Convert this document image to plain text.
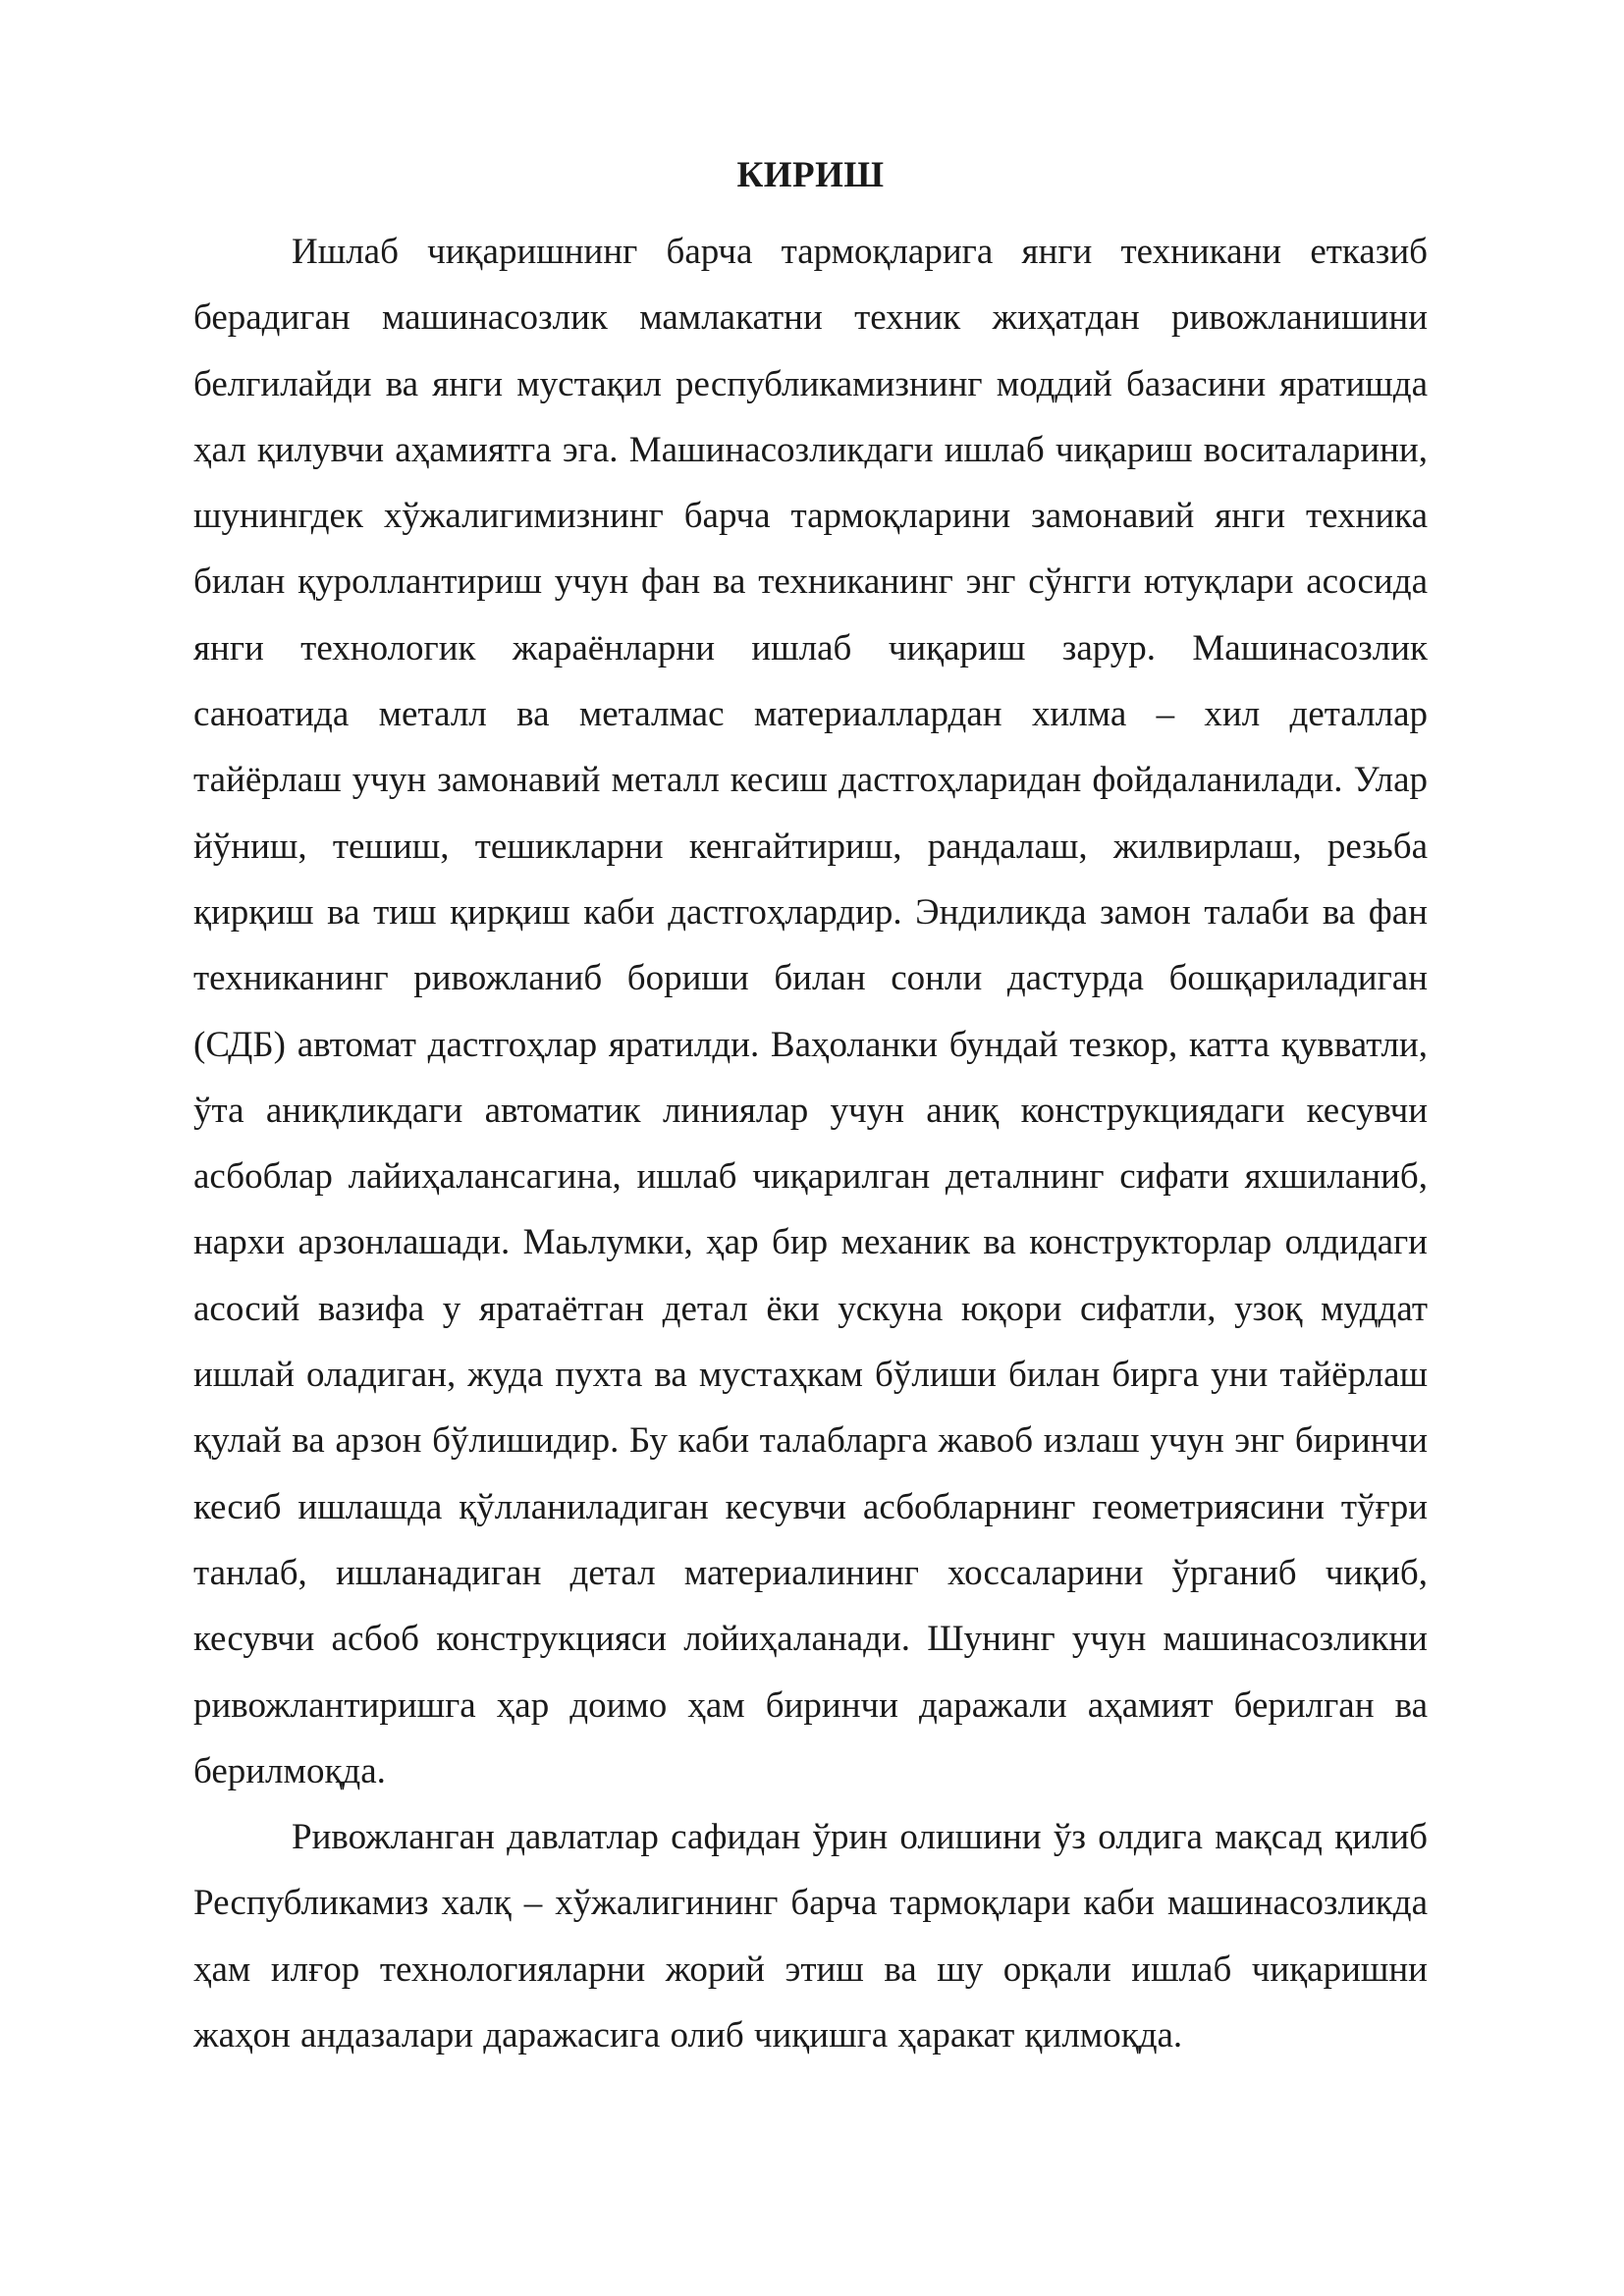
КИРИШ

Ишлаб чиқаришнинг барча тармоқларига янги техникани етказиб берадиган машинасозлик мамлакатни техник жиҳатдан ривожланишини белгилайди ва янги мустақил республикамизнинг моддий базасини яратишда ҳал қилувчи аҳамиятга эга. Машинасозликдаги ишлаб чиқариш воситаларини, шунингдек хўжалигимизнинг барча тармоқларини замонавий янги техника билан қуроллантириш учун фан ва техниканинг энг сўнгги ютуқлари асосида янги технологик жараёнларни ишлаб чиқариш зарур. Машинасозлик саноатида металл ва металмас материаллардан хилма – хил деталлар тайёрлаш учун замонавий металл кесиш дастгоҳларидан фойдаланилади. Улар йўниш, тешиш, тешикларни кенгайтириш, рандалаш, жилвирлаш, резьба қирқиш ва тиш қирқиш каби дастгоҳлардир. Эндиликда замон талаби ва фан техниканинг ривожланиб бориши билан сонли дастурда бошқариладиган (СДБ) автомат дастгоҳлар яратилди. Ваҳоланки бундай тезкор, катта қувватли, ўта аниқликдаги автоматик линиялар учун аниқ конструкциядаги кесувчи асбоблар лайиҳалансагина, ишлаб чиқарилган деталнинг сифати яхшиланиб, нархи арзонлашади. Маьлумки, ҳар бир механик ва конструкторлар олдидаги асосий вазифа у яратаётган детал ёки ускуна юқори сифатли, узоқ муддат ишлай оладиган, жуда пухта ва мустаҳкам бўлиши билан бирга уни тайёрлаш қулай ва арзон бўлишидир. Бу каби талабларга жавоб излаш учун энг биринчи кесиб ишлашда қўлланиладиган кесувчи асбобларнинг геометриясини тўғри танлаб, ишланадиган детал материалининг хоссаларини ўрганиб чиқиб, кесувчи асбоб конструкцияси лойиҳаланади. Шунинг учун машинасозликни ривожлантиришга ҳар доимо ҳам биринчи даражали аҳамият берилган ва берилмоқда.

Ривожланган давлатлар сафидан ўрин олишини ўз олдига мақсад қилиб Республикамиз халқ – хўжалигининг барча тармоқлари каби машинасозликда ҳам илғор технологияларни жорий этиш ва шу орқали ишлаб чиқаришни жаҳон андазалари даражасига олиб чиқишга ҳаракат қилмоқда.
